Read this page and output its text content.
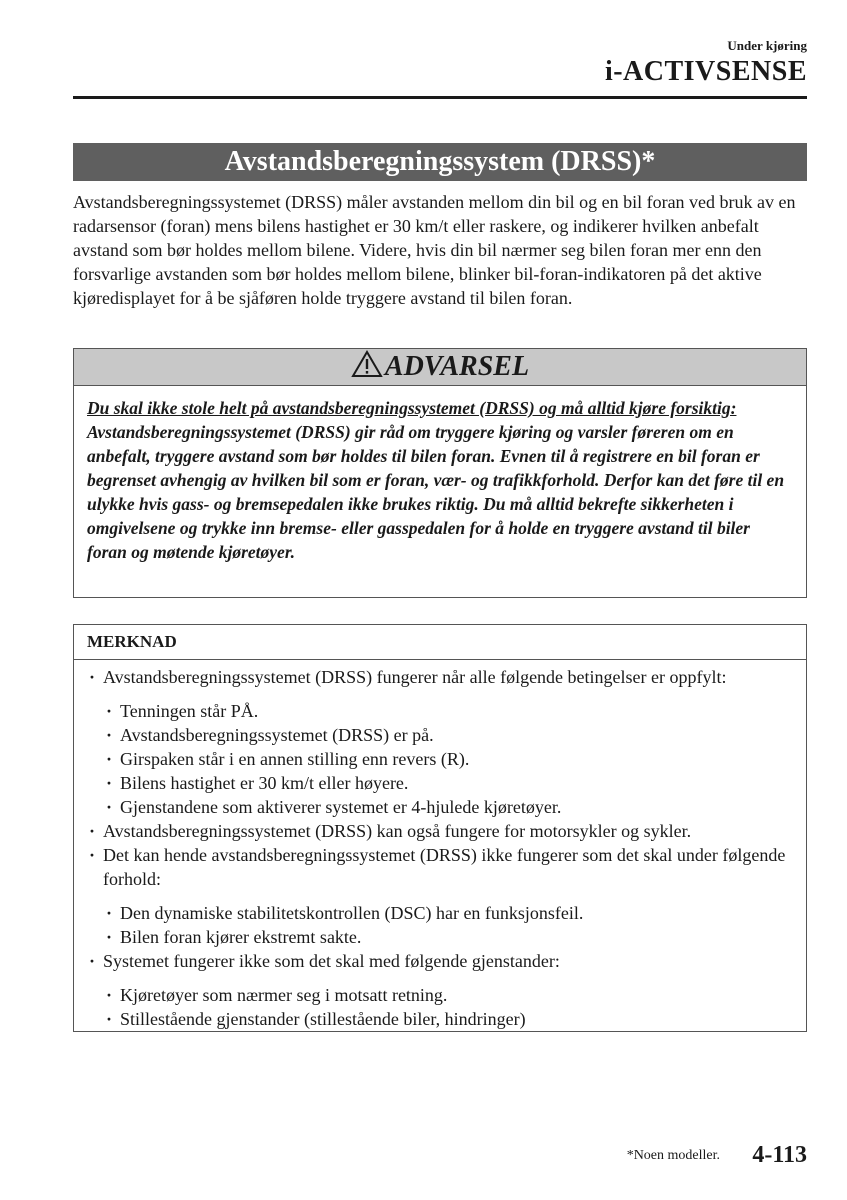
Under kjøring
i-ACTIVSENSE
Avstandsberegningssystem (DRSS)*

Avstandsberegningssystemet (DRSS) måler avstanden mellom din bil og en bil foran ved bruk av en radarsensor (foran) mens bilens hastighet er 30 km/t eller raskere, og indikerer hvilken anbefalt avstand som bør holdes mellom bilene. Videre, hvis din bil nærmer seg bilen foran mer enn den forsvarlige avstanden som bør holdes mellom bilene, blinker bil-foran-indikatoren på det aktive kjøredisplayet for å be sjåføren holde tryggere avstand til bilen foran.

ADVARSEL
Du skal ikke stole helt på avstandsberegningssystemet (DRSS) og må alltid kjøre forsiktig:
Avstandsberegningssystemet (DRSS) gir råd om tryggere kjøring og varsler føreren om en anbefalt, tryggere avstand som bør holdes til bilen foran. Evnen til å registrere en bil foran er begrenset avhengig av hvilken bil som er foran, vær- og trafikkforhold. Derfor kan det føre til en ulykke hvis gass- og bremsepedalen ikke brukes riktig. Du må alltid bekrefte sikkerheten i omgivelsene og trykke inn bremse- eller gasspedalen for å holde en tryggere avstand til biler foran og møtende kjøretøyer.
MERKNAD
· Avstandsberegningssystemet (DRSS) fungerer når alle følgende betingelser er oppfylt:
· Tenningen står PÅ.
· Avstandsberegningssystemet (DRSS) er på.
· Girspaken står i en annen stilling enn revers (R).
· Bilens hastighet er 30 km/t eller høyere.
· Gjenstandene som aktiverer systemet er 4-hjulede kjøretøyer.
· Avstandsberegningssystemet (DRSS) kan også fungere for motorsykler og sykler.
· Det kan hende avstandsberegningssystemet (DRSS) ikke fungerer som det skal under følgende forhold:
· Den dynamiske stabilitetskontrollen (DSC) har en funksjonsfeil.
· Bilen foran kjører ekstremt sakte.
· Systemet fungerer ikke som det skal med følgende gjenstander:
· Kjøretøyer som nærmer seg i motsatt retning.
· Stillestående gjenstander (stillestående biler, hindringer)
*Noen modeller. 4-113
